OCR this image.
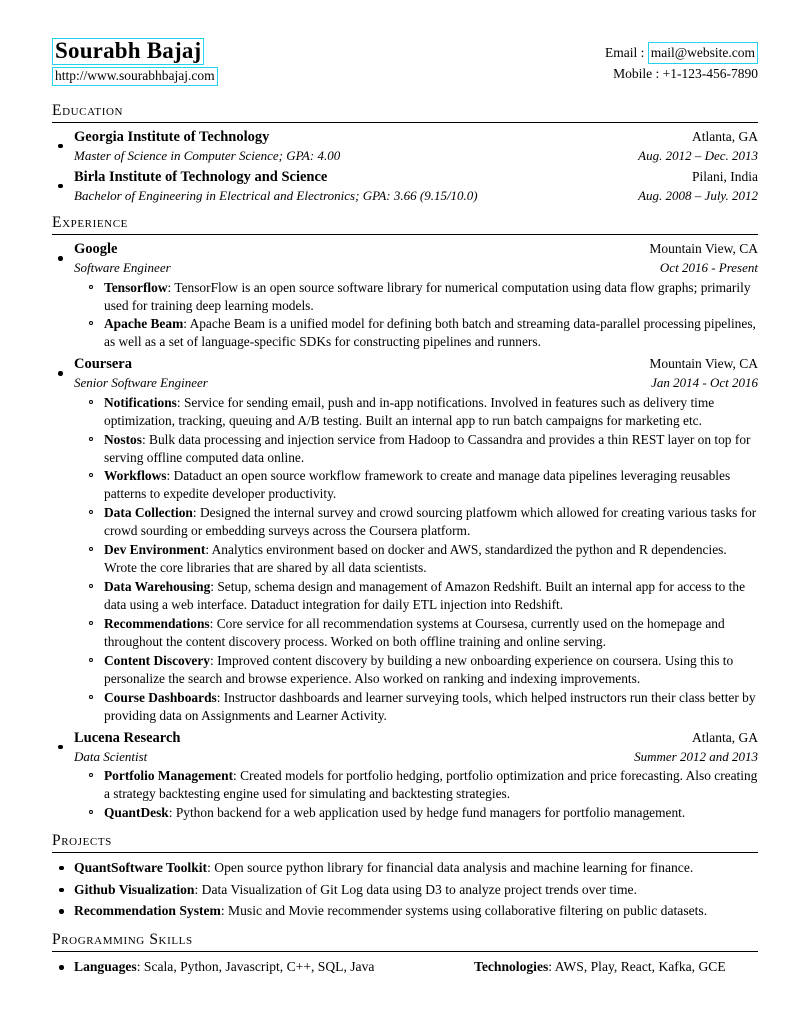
Sourabh Bajaj
http://www.sourabhbajaj.com
Email : mail@website.com
Mobile : +1-123-456-7890
Education
Georgia Institute of Technology	Atlanta, GA
Master of Science in Computer Science; GPA: 4.00	Aug. 2012 – Dec. 2013
Birla Institute of Technology and Science	Pilani, India
Bachelor of Engineering in Electrical and Electronics; GPA: 3.66 (9.15/10.0)	Aug. 2008 – July. 2012
Experience
Google	Mountain View, CA
Software Engineer	Oct 2016 - Present
Tensorflow: TensorFlow is an open source software library for numerical computation using data flow graphs; primarily used for training deep learning models.
Apache Beam: Apache Beam is a unified model for defining both batch and streaming data-parallel processing pipelines, as well as a set of language-specific SDKs for constructing pipelines and runners.
Coursera	Mountain View, CA
Senior Software Engineer	Jan 2014 - Oct 2016
Notifications: Service for sending email, push and in-app notifications. Involved in features such as delivery time optimization, tracking, queuing and A/B testing. Built an internal app to run batch campaigns for marketing etc.
Nostos: Bulk data processing and injection service from Hadoop to Cassandra and provides a thin REST layer on top for serving offline computed data online.
Workflows: Dataduct an open source workflow framework to create and manage data pipelines leveraging reusables patterns to expedite developer productivity.
Data Collection: Designed the internal survey and crowd sourcing platfowm which allowed for creating various tasks for crowd sourding or embedding surveys across the Coursera platform.
Dev Environment: Analytics environment based on docker and AWS, standardized the python and R dependencies. Wrote the core libraries that are shared by all data scientists.
Data Warehousing: Setup, schema design and management of Amazon Redshift. Built an internal app for access to the data using a web interface. Dataduct integration for daily ETL injection into Redshift.
Recommendations: Core service for all recommendation systems at Coursesa, currently used on the homepage and throughout the content discovery process. Worked on both offline training and online serving.
Content Discovery: Improved content discovery by building a new onboarding experience on coursera. Using this to personalize the search and browse experience. Also worked on ranking and indexing improvements.
Course Dashboards: Instructor dashboards and learner surveying tools, which helped instructors run their class better by providing data on Assignments and Learner Activity.
Lucena Research	Atlanta, GA
Data Scientist	Summer 2012 and 2013
Portfolio Management: Created models for portfolio hedging, portfolio optimization and price forecasting. Also creating a strategy backtesting engine used for simulating and backtesting strategies.
QuantDesk: Python backend for a web application used by hedge fund managers for portfolio management.
Projects
QuantSoftware Toolkit: Open source python library for financial data analysis and machine learning for finance.
Github Visualization: Data Visualization of Git Log data using D3 to analyze project trends over time.
Recommendation System: Music and Movie recommender systems using collaborative filtering on public datasets.
Programming Skills
Languages: Scala, Python, Javascript, C++, SQL, Java	Technologies: AWS, Play, React, Kafka, GCE
